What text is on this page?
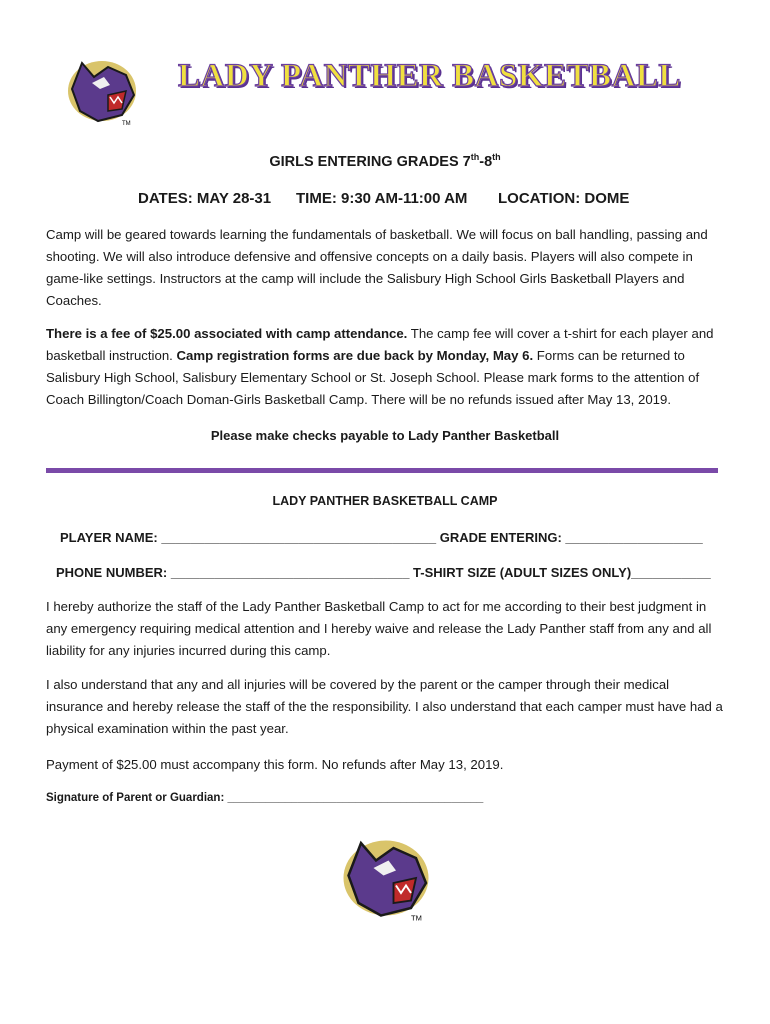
TM
LADY PANTHER BASKETBALL
GIRLS ENTERING GRADES 7th-8th
DATES: MAY 28-31 TIME: 9:30 AM-11:00 AM LOCATION: DOME

Camp will be geared towards learning the fundamentals of basketball. We will focus on ball handling, passing and shooting. We will also introduce defensive and offensive concepts on a daily basis. Players will also compete in game-like settings. Instructors at the camp will include the Salisbury High School Girls Basketball Players and Coaches.

There is a fee of $25.00 associated with camp attendance. The camp fee will cover a t-shirt for each player and basketball instruction. Camp registration forms are due back by Monday, May 6. Forms can be returned to Salisbury High School, Salisbury Elementary School or St. Joseph School. Please mark forms to the attention of Coach Billington/Coach Doman-Girls Basketball Camp. There will be no refunds issued after May 13, 2019.

Please make checks payable to Lady Panther Basketball
LADY PANTHER BASKETBALL CAMP
PLAYER NAME: ______________________________________ GRADE ENTERING: ___________________
PHONE NUMBER: _________________________________ T-SHIRT SIZE (ADULT SIZES ONLY)___________

I hereby authorize the staff of the Lady Panther Basketball Camp to act for me according to their best judgment in any emergency requiring medical attention and I hereby waive and release the Lady Panther staff from any and all liability for any injuries incurred during this camp.

I also understand that any and all injuries will be covered by the parent or the camper through their medical insurance and hereby release the staff of the the responsibility. I also understand that each camper must have had a physical examination within the past year.

Payment of $25.00 must accompany this form. No refunds after May 13, 2019.

Signature of Parent or Guardian: ________________________________________
TM
